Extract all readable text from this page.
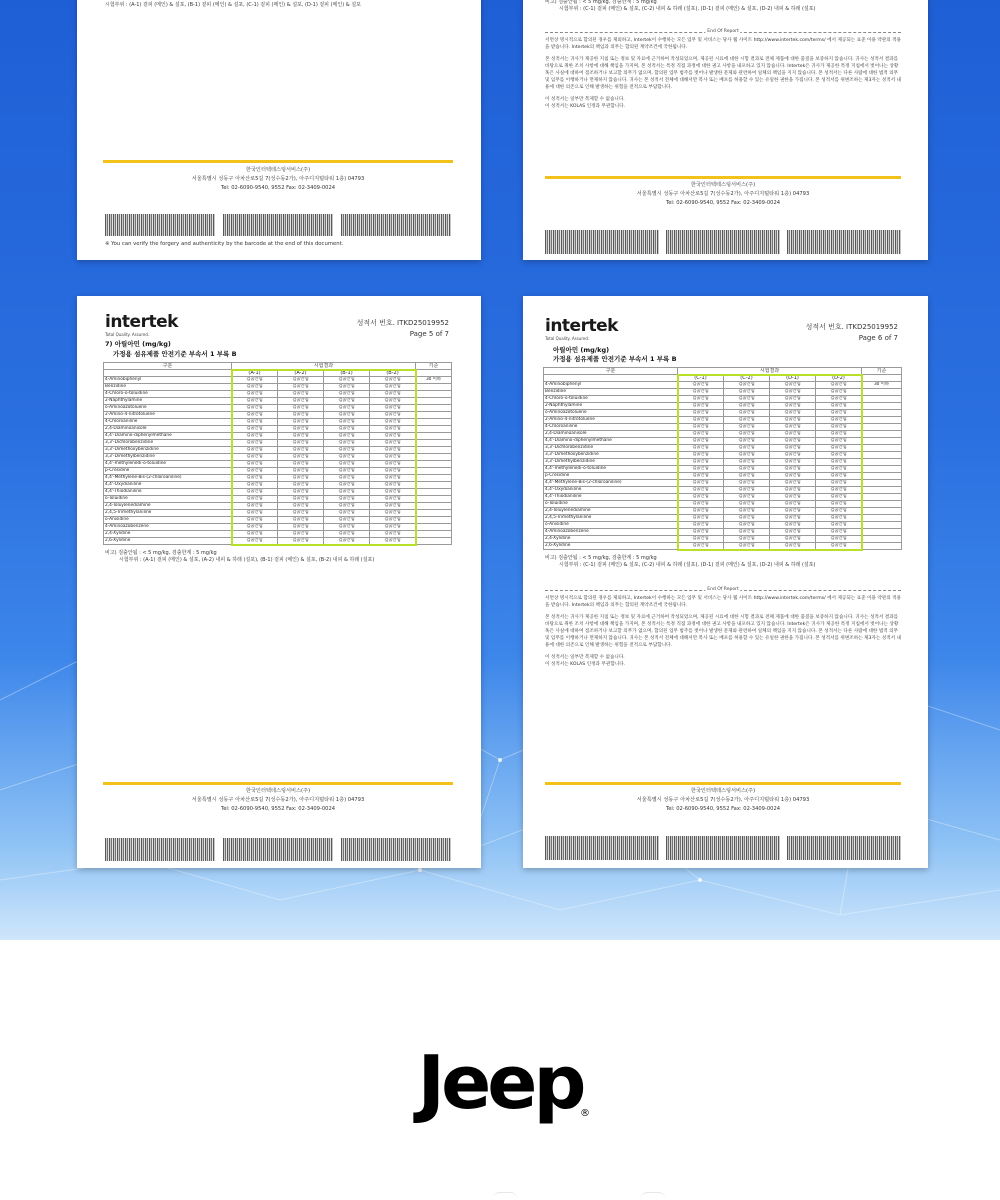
시험부위 : (A-1) 겉피 (메인) & 설포, (B-1) 겉피 (메인) & 설포, (C-1) 겉피 (메인) & 설포, (D-1) 겉피 (메인) & 설포
한국인터텍테스팅서비스(주)
서울특별시 성동구 아차산로5길 7(성수동2가), 아주디지털타워 1층) 04793
Tel: 02-6090-9540, 9552 Fax: 02-3409-0024
※ You can verify the forgery and authenticity by the barcode at the end of this document.
비고) 검출안됨 : < 5 mg/kg, 검출한계 : 5 mg/kg
시험부위 : (C-1) 겉피 (메인) & 설포, (C-2) 내피 & 하래 (설포), (D-1) 겉피 (메인) & 설포, (D-2) 내피 & 하래 (설포)
End Of Report

서면상 명시적으로 합의된 경우를 제외하고, Intertek이 수행하는 모든 업무 및 서비스는 당사 웹 사이트 http://www.intertek.com/terms/ 에서 제공되는 표준 이용 약관의 적용을 받습니다. Intertek의 책임과 의무는 합의된 계약조건에 국한됩니다.

본 성적서는 귀사가 제공한 지침 또는 정보 및 자료에 근거하여 작성되었으며, 제공된 시료에 대한 시험 결과로 전체 제품에 대한 품질을 보증하지 않습니다. 귀사는 성적서 결과를 바탕으로 취한 조치 사항에 대해 책임을 가지며, 본 성적서는 특정 직접 과정에 대한 권고 사항을 내포하고 있지 않습니다. Intertek은 귀사가 제공한 특정 지침에서 벗어나는 상황 혹은 사실에 대하여 점조하거나 보고할 의무가 없으며, 합의된 업무 범주를 벗어나 발생한 문제와 관련하여 일체의 책임을 지지 않습니다. 본 성적서는 다른 사람에 대한 법적 의무 및 임무를 이행하거나 면제하지 않습니다. 귀사는 본 성적서 전체에 대해서만 복사 또는 배포를 허용할 수 있는 유일한 권한을 가집니다. 본 성적서를 위변조하는 제3자는 성적서 내용에 대한 의존으로 인해 발생하는 위험을 전적으로 부담합니다.

이 성적서는 일부만 복제할 수 없습니다.
이 성적서는 KOLAS 인정과 무관합니다.

한국인터텍테스팅서비스(주)
서울특별시 성동구 아차산로5길 7(성수동2가), 아주디지털타워 1층) 04793
Tel: 02-6090-9540, 9552 Fax: 02-3409-0024
intertek
Total Quality. Assured.
성적서 번호. ITKD25019952
Page 5 of 7
7) 아릴아민 (mg/kg)
가정용 섬유제품 안전기준 부속서 1 부록 B
구분	시험결과				기준
	(A-1)	(A-2)	(B-1)	(B-2)	
4-Aminobiphenyl	검출안됨	검출안됨	검출안됨	검출안됨	30 이하
Benzidine	검출안됨	검출안됨	검출안됨	검출안됨	
4-Chloro-o-toluidine	검출안됨	검출안됨	검출안됨	검출안됨	
2-Naphthylamine	검출안됨	검출안됨	검출안됨	검출안됨	
o-Aminoazotoluene	검출안됨	검출안됨	검출안됨	검출안됨	
2-Amino-4-nitrotoluene	검출안됨	검출안됨	검출안됨	검출안됨	
4-Chloroaniline	검출안됨	검출안됨	검출안됨	검출안됨	
2,4-Diaminoanisole	검출안됨	검출안됨	검출안됨	검출안됨	
4,4'-Diamino-diphenylmethane	검출안됨	검출안됨	검출안됨	검출안됨	
3,3'-Dichlorobenzidine	검출안됨	검출안됨	검출안됨	검출안됨	
3,3'-Dimethoxybenzidine	검출안됨	검출안됨	검출안됨	검출안됨	
3,3'-Dimethylbenzidine	검출안됨	검출안됨	검출안됨	검출안됨	
4,4'-methylenedi-o-toluidine	검출안됨	검출안됨	검출안됨	검출안됨	
p-Cresidine	검출안됨	검출안됨	검출안됨	검출안됨	
4,4'-Methylene-Bis-(2-chloroaniline)	검출안됨	검출안됨	검출안됨	검출안됨	
4,4'-Oxydianiline	검출안됨	검출안됨	검출안됨	검출안됨	
4,4'-Thiodianiline	검출안됨	검출안됨	검출안됨	검출안됨	
o-Toluidine	검출안됨	검출안됨	검출안됨	검출안됨	
2,4-Toluylenediamine	검출안됨	검출안됨	검출안됨	검출안됨	
2,4,5-Trimethylaniline	검출안됨	검출안됨	검출안됨	검출안됨	
o-Anisidine	검출안됨	검출안됨	검출안됨	검출안됨	
4-Aminoazobenzene	검출안됨	검출안됨	검출안됨	검출안됨	
2,4-Xylidine	검출안됨	검출안됨	검출안됨	검출안됨	
2,6-Xylidine	검출안됨	검출안됨	검출안됨	검출안됨	
비고) 검출안됨 : < 5 mg/kg, 검출한계 : 5 mg/kg
시험부위 : (A-1) 겉피 (메인) & 설포, (A-2) 내피 & 하래 (설포), (B-1) 겉피 (메인) & 설포, (B-2) 내피 & 하래 (설포)
한국인터텍테스팅서비스(주)
서울특별시 성동구 아차산로5길 7(성수동2가), 아주디지털타워 1층) 04793
Tel: 02-6090-9540, 9552 Fax: 02-3409-0024
intertek
Total Quality. Assured.
성적서 번호. ITKD25019952
Page 6 of 7
아릴아민 (mg/kg)
가정용 섬유제품 안전기준 부속서 1 부록 B
구분	시험결과				기준
	(C-1)	(C-2)	(D-1)	(D-2)	
4-Aminobiphenyl	검출안됨	검출안됨	검출안됨	검출안됨	30 이하
Benzidine	검출안됨	검출안됨	검출안됨	검출안됨	
4-Chloro-o-toluidine	검출안됨	검출안됨	검출안됨	검출안됨	
2-Naphthylamine	검출안됨	검출안됨	검출안됨	검출안됨	
o-Aminoazotoluene	검출안됨	검출안됨	검출안됨	검출안됨	
2-Amino-4-nitrotoluene	검출안됨	검출안됨	검출안됨	검출안됨	
4-Chloroaniline	검출안됨	검출안됨	검출안됨	검출안됨	
2,4-Diaminoanisole	검출안됨	검출안됨	검출안됨	검출안됨	
4,4'-Diamino-diphenylmethane	검출안됨	검출안됨	검출안됨	검출안됨	
3,3'-Dichlorobenzidine	검출안됨	검출안됨	검출안됨	검출안됨	
3,3'-Dimethoxybenzidine	검출안됨	검출안됨	검출안됨	검출안됨	
3,3'-Dimethylbenzidine	검출안됨	검출안됨	검출안됨	검출안됨	
4,4'-methylenedi-o-toluidine	검출안됨	검출안됨	검출안됨	검출안됨	
p-Cresidine	검출안됨	검출안됨	검출안됨	검출안됨	
4,4'-Methylene-Bis-(2-chloroaniline)	검출안됨	검출안됨	검출안됨	검출안됨	
4,4'-Oxydianiline	검출안됨	검출안됨	검출안됨	검출안됨	
4,4'-Thiodianiline	검출안됨	검출안됨	검출안됨	검출안됨	
o-Toluidine	검출안됨	검출안됨	검출안됨	검출안됨	
2,4-Toluylenediamine	검출안됨	검출안됨	검출안됨	검출안됨	
2,4,5-Trimethylaniline	검출안됨	검출안됨	검출안됨	검출안됨	
o-Anisidine	검출안됨	검출안됨	검출안됨	검출안됨	
4-Aminoazobenzene	검출안됨	검출안됨	검출안됨	검출안됨	
2,4-Xylidine	검출안됨	검출안됨	검출안됨	검출안됨	
2,6-Xylidine	검출안됨	검출안됨	검출안됨	검출안됨	
비고) 검출안됨 : < 5 mg/kg, 검출한계 : 5 mg/kg
시험부위 : (C-1) 겉피 (메인) & 설포, (C-2) 내피 & 하래 (설포), (D-1) 겉피 (메인) & 설포, (D-2) 내피 & 하래 (설포)
End Of Report

서면상 명시적으로 합의된 경우를 제외하고, Intertek이 수행하는 모든 업무 및 서비스는 당사 웹 사이트 http://www.intertek.com/terms/ 에서 제공되는 표준 이용 약관의 적용을 받습니다. Intertek의 책임과 의무는 합의된 계약조건에 국한됩니다.

본 성적서는 귀사가 제공한 지침 또는 정보 및 자료에 근거하여 작성되었으며, 제공된 시료에 대한 시험 결과로 전체 제품에 대한 품질을 보증하지 않습니다. 귀사는 성적서 결과를 바탕으로 취한 조치 사항에 대해 책임을 가지며, 본 성적서는 특정 직접 과정에 대한 권고 사항을 내포하고 있지 않습니다. Intertek은 귀사가 제공한 특정 지침에서 벗어나는 상황 혹은 사실에 대하여 점조하거나 보고할 의무가 없으며, 합의된 업무 범주를 벗어나 발생한 문제와 관련하여 일체의 책임을 지지 않습니다. 본 성적서는 다른 사람에 대한 법적 의무 및 임무를 이행하거나 면제하지 않습니다. 귀사는 본 성적서 전체에 대해서만 복사 또는 배포를 허용할 수 있는 유일한 권한을 가집니다. 본 성적서를 위변조하는 제3자는 성적서 내용에 대한 의존으로 인해 발생하는 위험을 전적으로 부담합니다.

이 성적서는 일부만 복제할 수 없습니다.
이 성적서는 KOLAS 인정과 무관합니다.

한국인터텍테스팅서비스(주)
서울특별시 성동구 아차산로5길 7(성수동2가), 아주디지털타워 1층) 04793
Tel: 02-6090-9540, 9552 Fax: 02-3409-0024
Jeep
®
